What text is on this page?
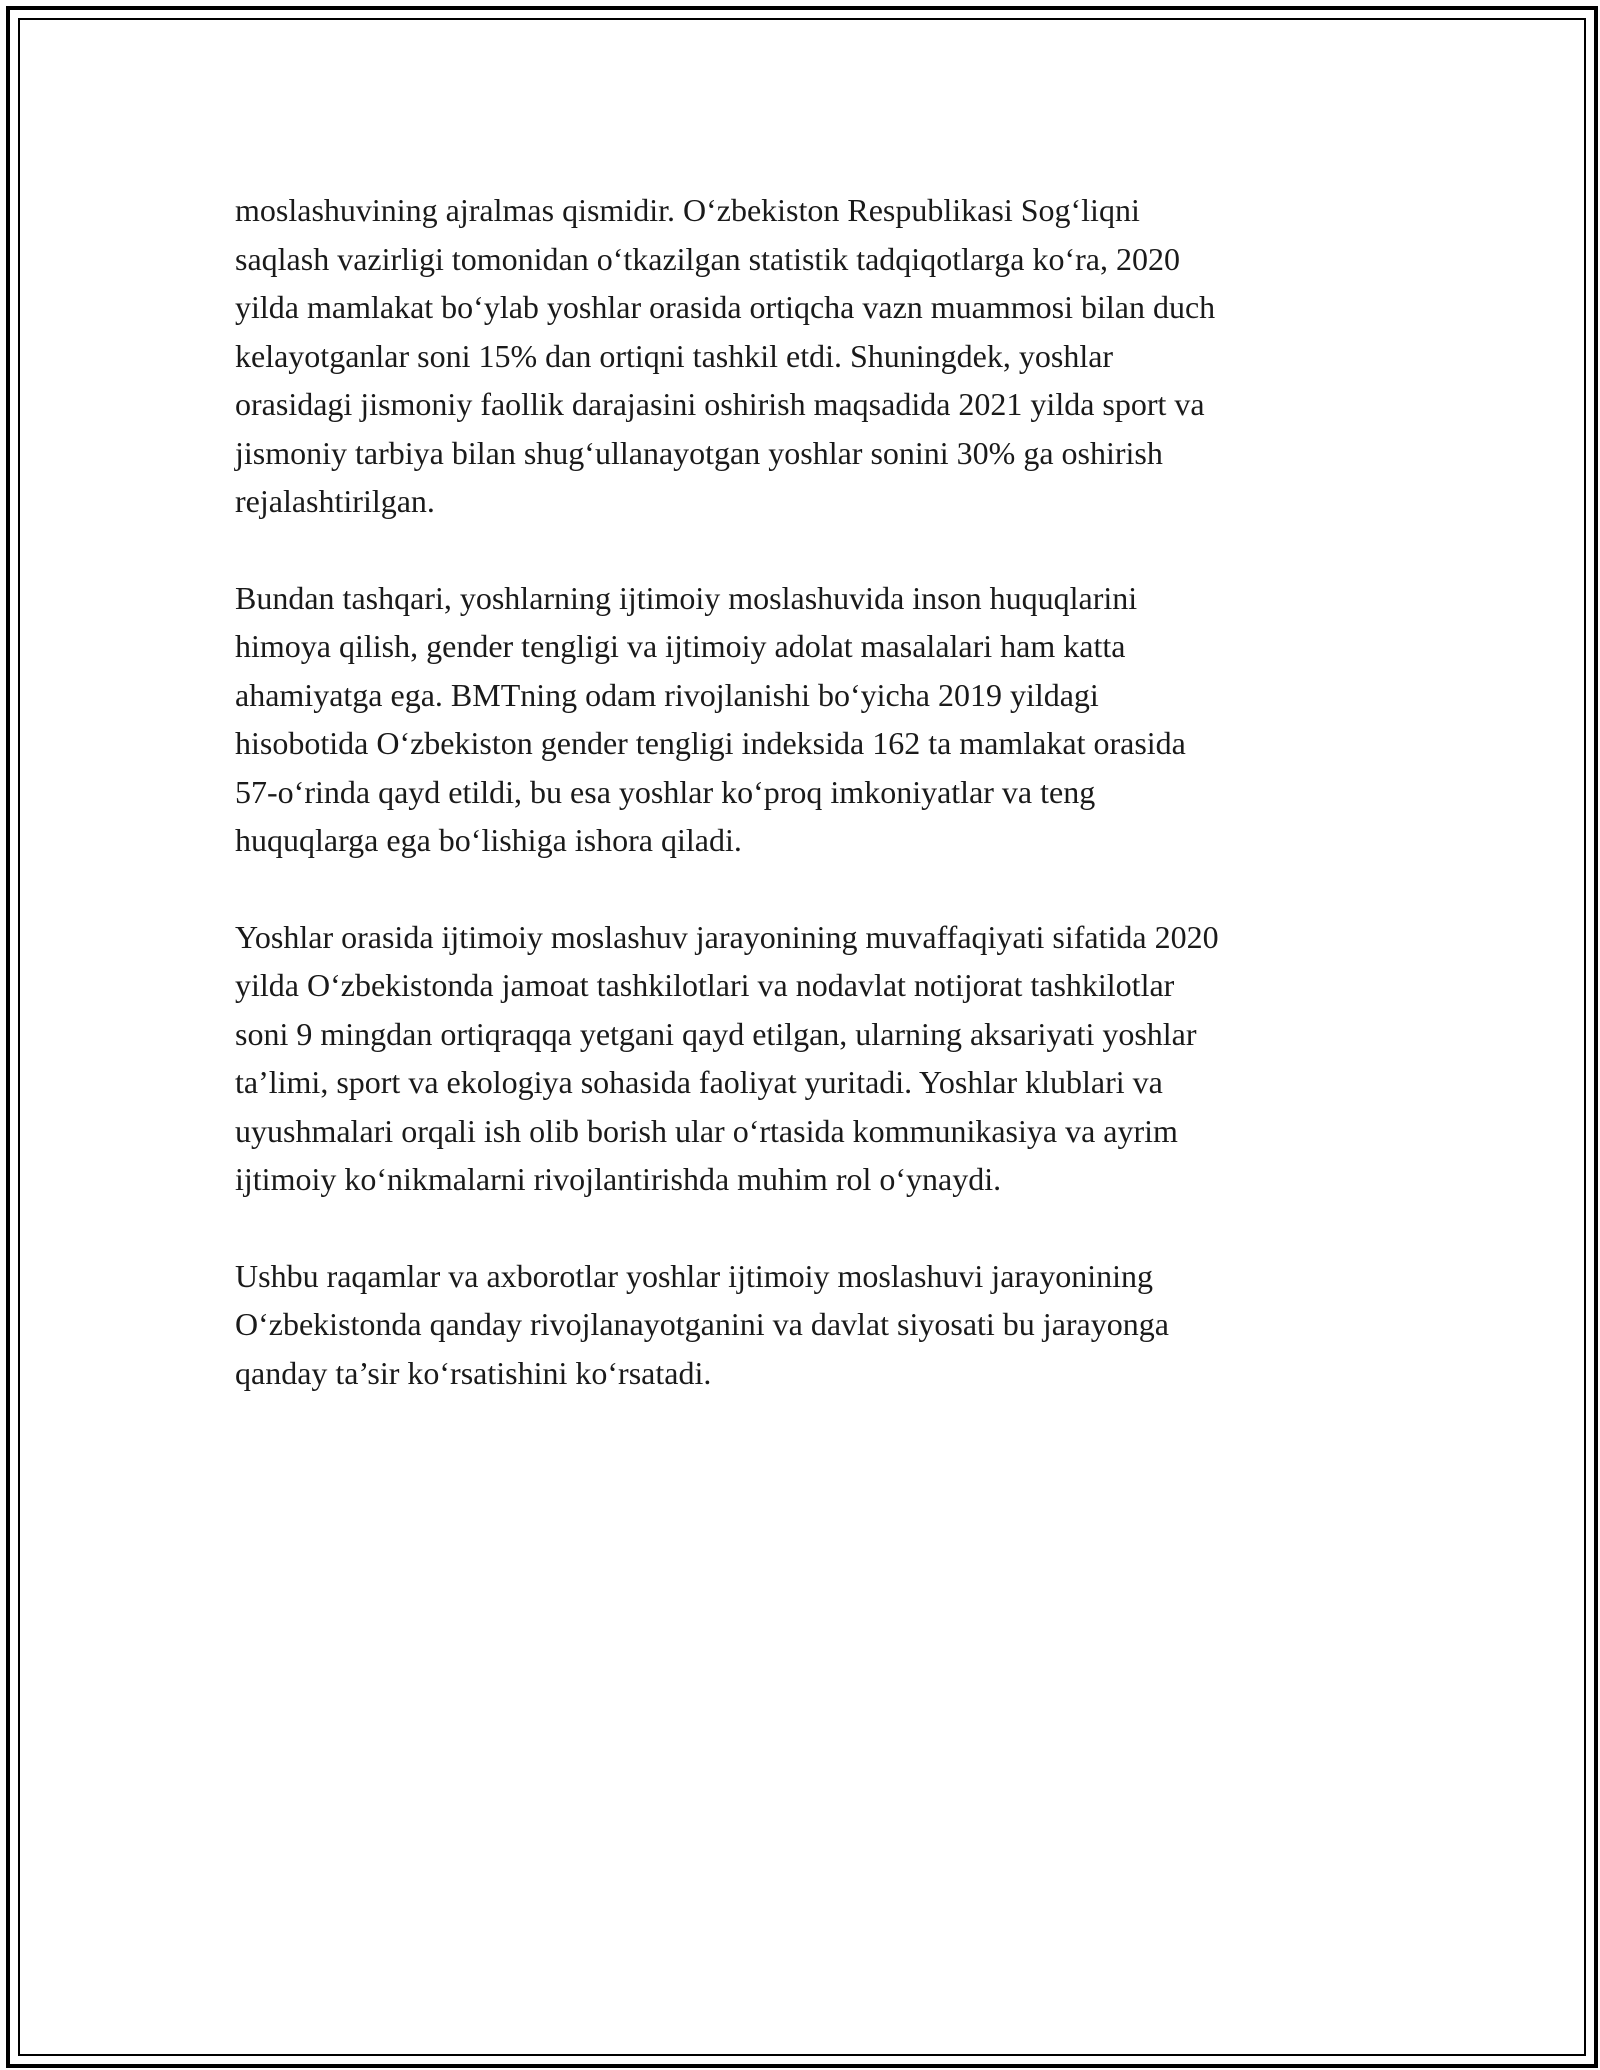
moslashuvining ajralmas qismidir. O‘zbekiston Respublikasi Sog‘liqni
saqlash vazirligi tomonidan o‘tkazilgan statistik tadqiqotlarga ko‘ra, 2020
yilda mamlakat bo‘ylab yoshlar orasida ortiqcha vazn muammosi bilan duch
kelayotganlar soni 15% dan ortiqni tashkil etdi. Shuningdek, yoshlar
orasidagi jismoniy faollik darajasini oshirish maqsadida 2021 yilda sport va
jismoniy tarbiya bilan shug‘ullanayotgan yoshlar sonini 30% ga oshirish
rejalashtirilgan.

Bundan tashqari, yoshlarning ijtimoiy moslashuvida inson huquqlarini
himoya qilish, gender tengligi va ijtimoiy adolat masalalari ham katta
ahamiyatga ega. BMTning odam rivojlanishi bo‘yicha 2019 yildagi
hisobotida O‘zbekiston gender tengligi indeksida 162 ta mamlakat orasida
57-o‘rinda qayd etildi, bu esa yoshlar ko‘proq imkoniyatlar va teng
huquqlarga ega bo‘lishiga ishora qiladi.

Yoshlar orasida ijtimoiy moslashuv jarayonining muvaffaqiyati sifatida 2020
yilda O‘zbekistonda jamoat tashkilotlari va nodavlat notijorat tashkilotlar
soni 9 mingdan ortiqraqqa yetgani qayd etilgan, ularning aksariyati yoshlar
ta’limi, sport va ekologiya sohasida faoliyat yuritadi. Yoshlar klublari va
uyushmalari orqali ish olib borish ular o‘rtasida kommunikasiya va ayrim
ijtimoiy ko‘nikmalarni rivojlantirishda muhim rol o‘ynaydi.

Ushbu raqamlar va axborotlar yoshlar ijtimoiy moslashuvi jarayonining
O‘zbekistonda qanday rivojlanayotganini va davlat siyosati bu jarayonga
qanday ta’sir ko‘rsatishini ko‘rsatadi.
